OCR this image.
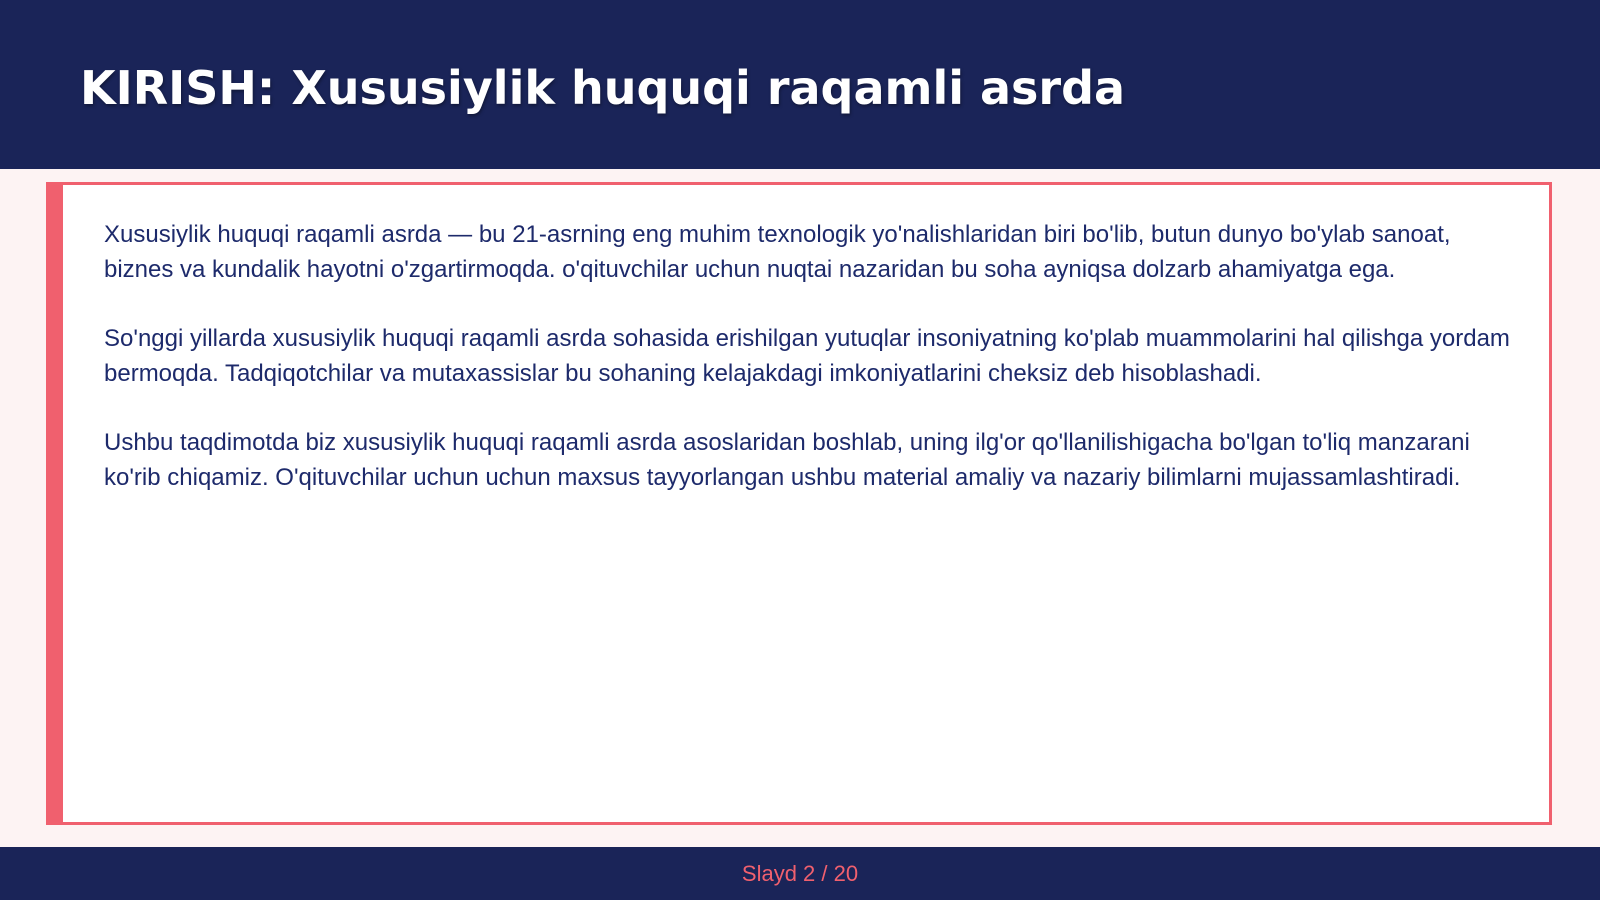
KIRISH: Xususiylik huquqi raqamli asrda

Xususiylik huquqi raqamli asrda — bu 21-asrning eng muhim texnologik yo'nalishlaridan biri bo'lib, butun dunyo bo'ylab sanoat, biznes va kundalik hayotni o'zgartirmoqda. o'qituvchilar uchun nuqtai nazaridan bu soha ayniqsa dolzarb ahamiyatga ega.

So'nggi yillarda xususiylik huquqi raqamli asrda sohasida erishilgan yutuqlar insoniyatning ko'plab muammolarini hal qilishga yordam bermoqda. Tadqiqotchilar va mutaxassislar bu sohaning kelajakdagi imkoniyatlarini cheksiz deb hisoblashadi.

Ushbu taqdimotda biz xususiylik huquqi raqamli asrda asoslaridan boshlab, uning ilg'or qo'llanilishigacha bo'lgan to'liq manzarani ko'rib chiqamiz. O'qituvchilar uchun uchun maxsus tayyorlangan ushbu material amaliy va nazariy bilimlarni mujassamlashtiradi.

Slayd 2 / 20
